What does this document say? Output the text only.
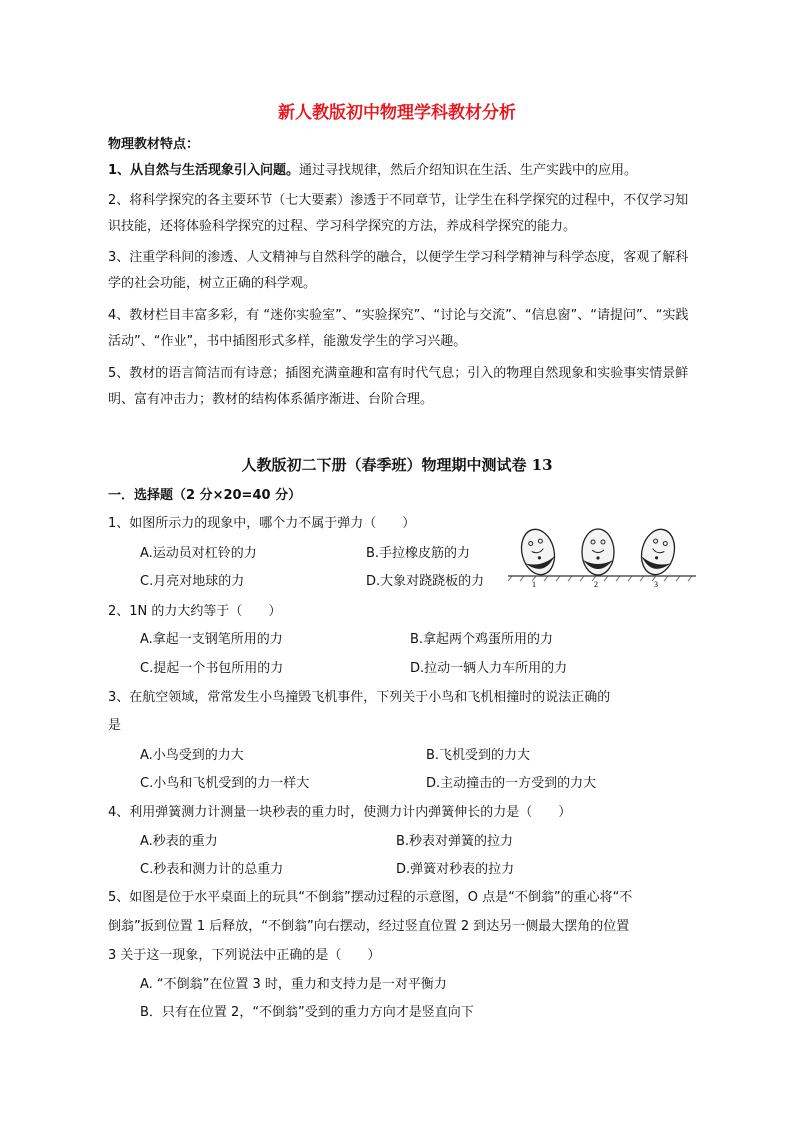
新人教版初中物理学科教材分析
物理教材特点：
1、从自然与生活现象引入问题。通过寻找规律，然后介绍知识在生活、生产实践中的应用。
2、将科学探究的各主要环节（七大要素）渗透于不同章节，让学生在科学探究的过程中，不仅学习知
识技能，还将体验科学探究的过程、学习科学探究的方法，养成科学探究的能力。
3、注重学科间的渗透、人文精神与自然科学的融合，以便学生学习科学精神与科学态度，客观了解科
学的社会功能，树立正确的科学观。
4、教材栏目丰富多彩，有 “迷你实验室”、“实验探究”、“讨论与交流”、“信息窗”、“请提问”、“实践
活动”、“作业”，书中插图形式多样，能激发学生的学习兴趣。
5、教材的语言简洁而有诗意；插图充满童趣和富有时代气息；引入的物理自然现象和实验事实情景鲜
明、富有冲击力；教材的结构体系循序渐进、台阶合理。
人教版初二下册（春季班）物理期中测试卷 13
一．选择题（2 分×20=40 分）
1、如图所示力的现象中，哪个力不属于弹力（　　）
A.运动员对杠铃的力	B.手拉橡皮筋的力
C.月亮对地球的力	D.大象对跷跷板的力	1	2	3
2、1N 的力大约等于（　　）
A.拿起一支钢笔所用的力	B.拿起两个鸡蛋所用的力
C.提起一个书包所用的力	D.拉动一辆人力车所用的力
3、在航空领域，常常发生小鸟撞毁飞机事件，下列关于小鸟和飞机相撞时的说法正确的
是
A.小鸟受到的力大	B.飞机受到的力大
C.小鸟和飞机受到的力一样大	D.主动撞击的一方受到的力大
4、利用弹簧测力计测量一块秒表的重力时，使测力计内弹簧伸长的力是（　　）
A.秒表的重力	B.秒表对弹簧的拉力
C.秒表和测力计的总重力	D.弹簧对秒表的拉力
5、如图是位于水平桌面上的玩具“不倒翁”摆动过程的示意图，O 点是“不倒翁”的重心将“不
倒翁”扳到位置 1 后释放，“不倒翁”向右摆动，经过竖直位置 2 到达另一侧最大摆角的位置
3 关于这一现象，下列说法中正确的是（　　）
A. “不倒翁”在位置 3 时，重力和支持力是一对平衡力
B．只有在位置 2，“不倒翁”受到的重力方向才是竖直向下
